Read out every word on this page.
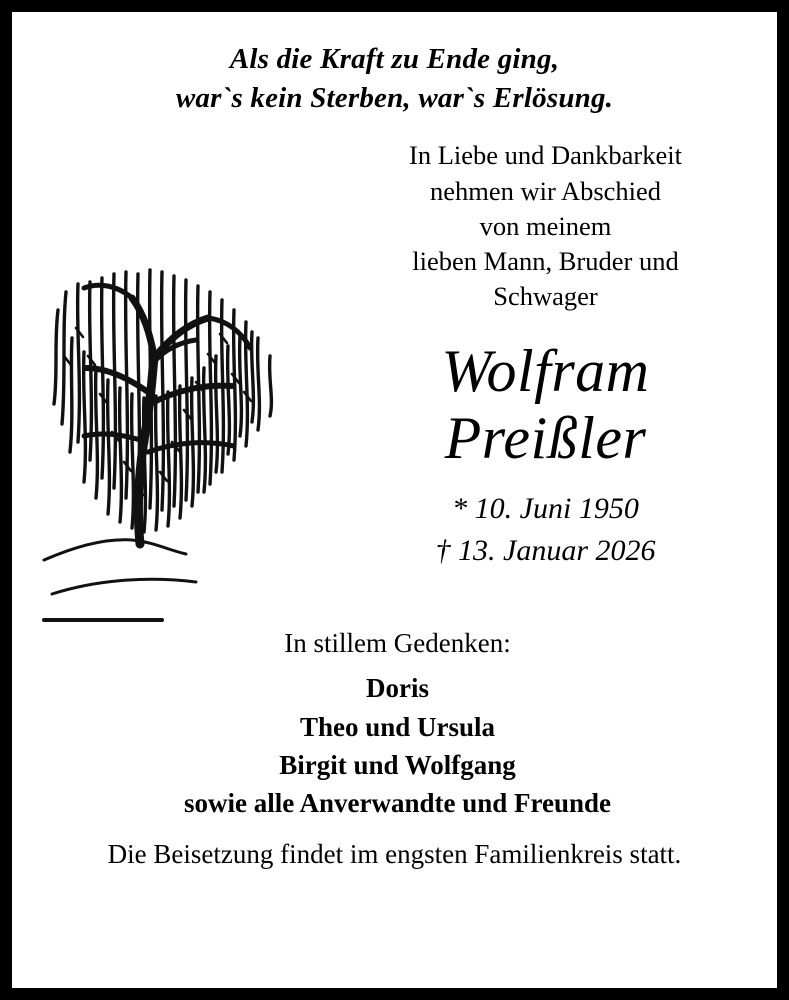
Als die Kraft zu Ende ging,
war`s kein Sterben, war`s Erlösung.
In Liebe und Dankbarkeit
nehmen wir Abschied
von meinem
lieben Mann, Bruder und
Schwager
Wolfram
Preißler
* 10. Juni 1950
† 13. Januar 2026
In stillem Gedenken:
Doris
Theo und Ursula
Birgit und Wolfgang
sowie alle Anverwandte und Freunde
Die Beisetzung findet im engsten Familienkreis statt.
